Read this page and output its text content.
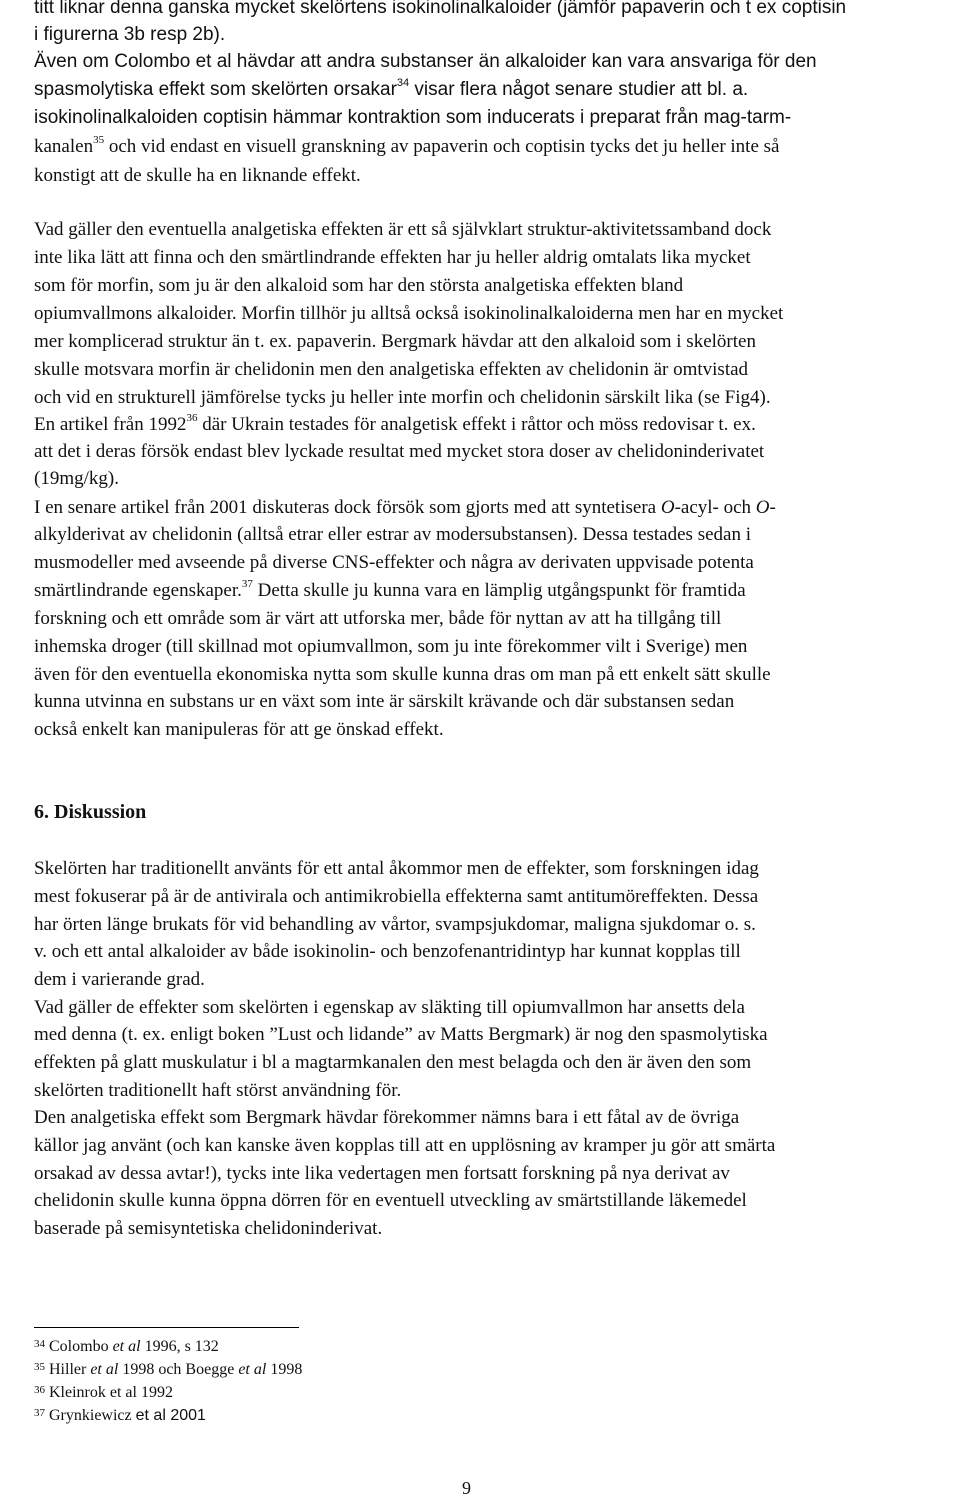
titt liknar denna ganska mycket skelörtens isokinolinalkaloider (jämför papaverin och t ex coptisin
i figurerna 3b resp 2b).
Även om Colombo et al hävdar att andra substanser än alkaloider kan vara ansvariga för den
spasmolytiska effekt som skelörten orsakar$^{34}$ visar flera något senare studier att bl. a.
isokinolinalkaloiden coptisin hämmar kontraktion som inducerats i preparat från mag-tarm-
kanalen$^{35}$ och vid endast en visuell granskning av papaverin och coptisin tycks det ju heller inte så
konstigt att de skulle ha en liknande effekt.
Vad gäller den eventuella analgetiska effekten är ett så självklart struktur-aktivitetssamband dock
inte lika lätt att finna och den smärtlindrande effekten har ju heller aldrig omtalats lika mycket
som för morfin, som ju är den alkaloid som har den största analgetiska effekten bland
opiumvallmons alkaloider. Morfin tillhör ju alltså också isokinolinalkaloiderna men har en mycket
mer komplicerad struktur än t. ex. papaverin. Bergmark hävdar att den alkaloid som i skelörten
skulle motsvara morfin är chelidonin men den analgetiska effekten av chelidonin är omtvistad
och vid en strukturell jämförelse tycks ju heller inte morfin och chelidonin särskilt lika (se Fig4).
En artikel från 1992$^{36}$ där Ukrain testades för analgetisk effekt i råttor och möss redovisar t. ex.
att det i deras försök endast blev lyckade resultat med mycket stora doser av chelidoninderivatet
(19mg/kg).
I en senare artikel från 2001 diskuteras dock försök som gjorts med att syntetisera O-acyl- och O-
alkylderivat av chelidonin (alltså etrar eller estrar av modersubstansen). Dessa testades sedan i
musmodeller med avseende på diverse CNS-effekter och några av derivaten uppvisade potenta
smärtlindrande egenskaper.$^{37}$ Detta skulle ju kunna vara en lämplig utgångspunkt för framtida
forskning och ett område som är värt att utforska mer, både för nyttan av att ha tillgång till
inhemska droger (till skillnad mot opiumvallmon, som ju inte förekommer vilt i Sverige) men
även för den eventuella ekonomiska nytta som skulle kunna dras om man på ett enkelt sätt skulle
kunna utvinna en substans ur en växt som inte är särskilt krävande och där substansen sedan
också enkelt kan manipuleras för att ge önskad effekt.
6. Diskussion
Skelörten har traditionellt använts för ett antal åkommor men de effekter, som forskningen idag
mest fokuserar på är de antivirala och antimikrobiella effekterna samt antitumöreffekten. Dessa
har örten länge brukats för vid behandling av vårtor, svampsjukdomar, maligna sjukdomar o. s.
v. och ett antal alkaloider av både isokinolin- och benzofenantridintyp har kunnat kopplas till
dem i varierande grad.
Vad gäller de effekter som skelörten i egenskap av släkting till opiumvallmon har ansetts dela
med denna (t. ex. enligt boken ”Lust och lidande” av Matts Bergmark) är nog den spasmolytiska
effekten på glatt muskulatur i bl a magtarmkanalen den mest belagda och den är även den som
skelörten traditionellt haft störst användning för.
Den analgetiska effekt som Bergmark hävdar förekommer nämns bara i ett fåtal av de övriga
källor jag använt (och kan kanske även kopplas till att en upplösning av kramper ju gör att smärta
orsakad av dessa avtar!), tycks inte lika vedertagen men fortsatt forskning på nya derivat av
chelidonin skulle kunna öppna dörren för en eventuell utveckling av smärtstillande läkemedel
baserade på semisyntetiska chelidoninderivat.
$^{34}$ Colombo et al 1996, s 132
$^{35}$ Hiller et al 1998 och Boegge et al 1998
$^{36}$ Kleinrok et al 1992
$^{37}$ Grynkiewicz et al 2001
9
